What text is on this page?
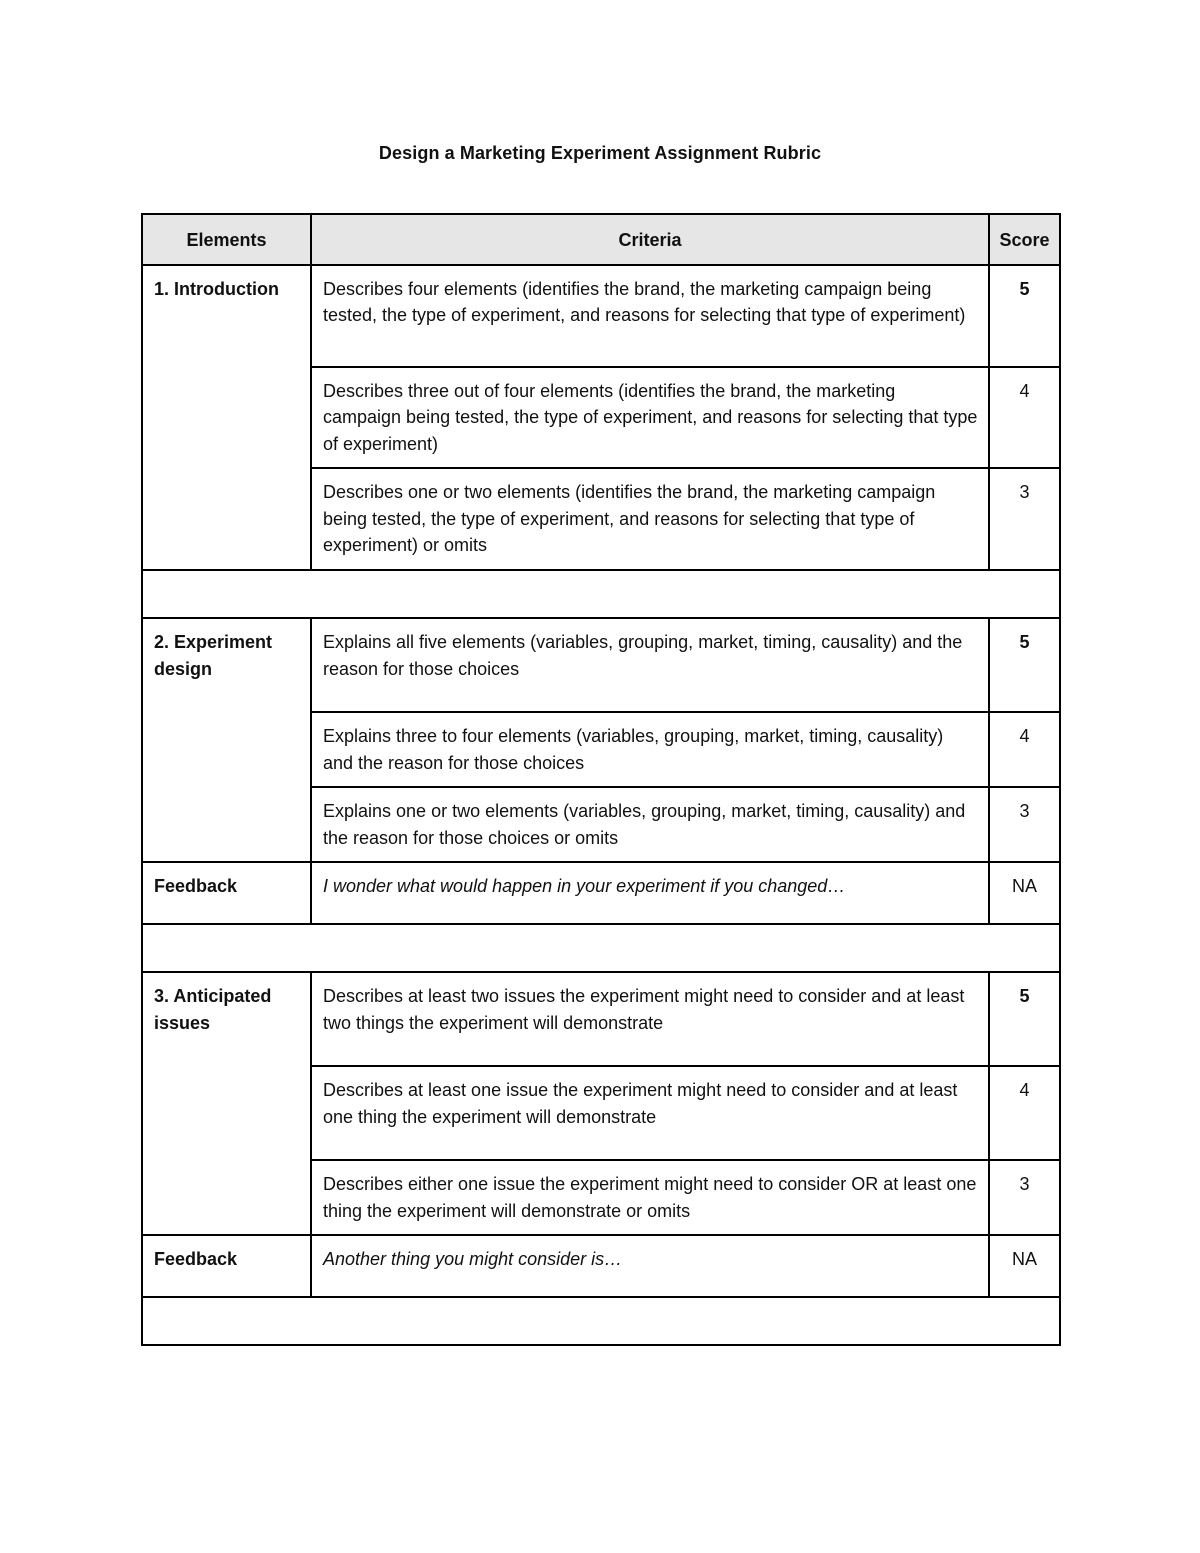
Design a Marketing Experiment Assignment Rubric
Elements	Criteria	Score
1. Introduction	Describes four elements (identifies the brand, the marketing campaign being tested, the type of experiment, and reasons for selecting that type of experiment)	5
	Describes three out of four elements (identifies the brand, the marketing campaign being tested, the type of experiment, and reasons for selecting that type of experiment)	4
	Describes one or two elements (identifies the brand, the marketing campaign being tested, the type of experiment, and reasons for selecting that type of experiment) or omits	3

2. Experiment design	Explains all five elements (variables, grouping, market, timing, causality) and the reason for those choices	5
	Explains three to four elements (variables, grouping, market, timing, causality) and the reason for those choices	4
	Explains one or two elements (variables, grouping, market, timing, causality) and the reason for those choices or omits	3
Feedback	I wonder what would happen in your experiment if you changed…	NA

3. Anticipated issues	Describes at least two issues the experiment might need to consider and at least two things the experiment will demonstrate	5
	Describes at least one issue the experiment might need to consider and at least one thing the experiment will demonstrate	4
	Describes either one issue the experiment might need to consider OR at least one thing the experiment will demonstrate or omits	3
Feedback	Another thing you might consider is…	NA
